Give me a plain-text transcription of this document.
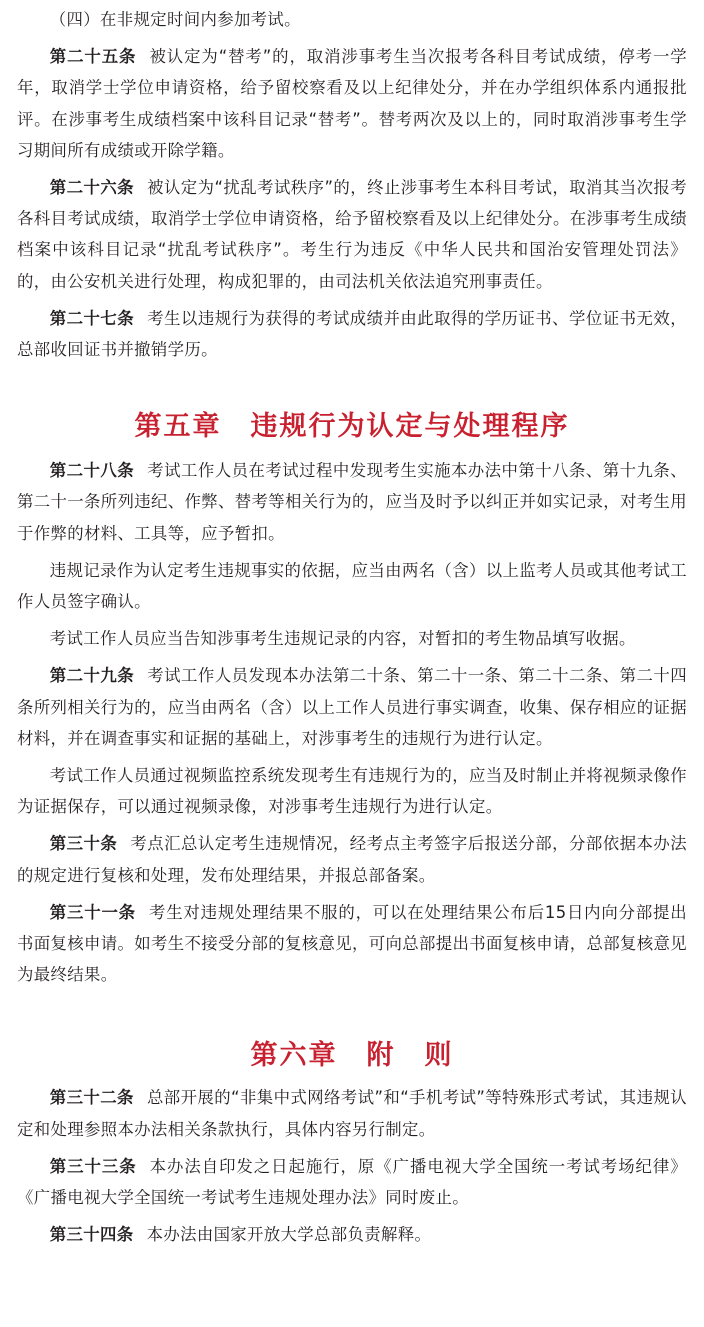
（四）在非规定时间内参加考试。

第二十五条 被认定为“替考”的，取消涉事考生当次报考各科目考试成绩，停考一学年，取消学士学位申请资格，给予留校察看及以上纪律处分，并在办学组织体系内通报批评。在涉事考生成绩档案中该科目记录“替考”。替考两次及以上的，同时取消涉事考生学习期间所有成绩或开除学籍。

第二十六条 被认定为“扰乱考试秩序”的，终止涉事考生本科目考试，取消其当次报考各科目考试成绩，取消学士学位申请资格，给予留校察看及以上纪律处分。在涉事考生成绩档案中该科目记录“扰乱考试秩序”。考生行为违反《中华人民共和国治安管理处罚法》的，由公安机关进行处理，构成犯罪的，由司法机关依法追究刑事责任。

第二十七条 考生以违规行为获得的考试成绩并由此取得的学历证书、学位证书无效，总部收回证书并撤销学历。

第五章　违规行为认定与处理程序

第二十八条 考试工作人员在考试过程中发现考生实施本办法中第十八条、第十九条、第二十一条所列违纪、作弊、替考等相关行为的，应当及时予以纠正并如实记录，对考生用于作弊的材料、工具等，应予暂扣。

违规记录作为认定考生违规事实的依据，应当由两名（含）以上监考人员或其他考试工作人员签字确认。

考试工作人员应当告知涉事考生违规记录的内容，对暂扣的考生物品填写收据。

第二十九条 考试工作人员发现本办法第二十条、第二十一条、第二十二条、第二十四条所列相关行为的，应当由两名（含）以上工作人员进行事实调查，收集、保存相应的证据材料，并在调查事实和证据的基础上，对涉事考生的违规行为进行认定。

考试工作人员通过视频监控系统发现考生有违规行为的，应当及时制止并将视频录像作为证据保存，可以通过视频录像，对涉事考生违规行为进行认定。

第三十条 考点汇总认定考生违规情况，经考点主考签字后报送分部，分部依据本办法的规定进行复核和处理，发布处理结果，并报总部备案。

第三十一条 考生对违规处理结果不服的，可以在处理结果公布后15日内向分部提出书面复核申请。如考生不接受分部的复核意见，可向总部提出书面复核申请，总部复核意见为最终结果。

第六章　附　则

第三十二条 总部开展的“非集中式网络考试”和“手机考试”等特殊形式考试，其违规认定和处理参照本办法相关条款执行，具体内容另行制定。

第三十三条 本办法自印发之日起施行，原《广播电视大学全国统一考试考场纪律》《广播电视大学全国统一考试考生违规处理办法》同时废止。

第三十四条 本办法由国家开放大学总部负责解释。
